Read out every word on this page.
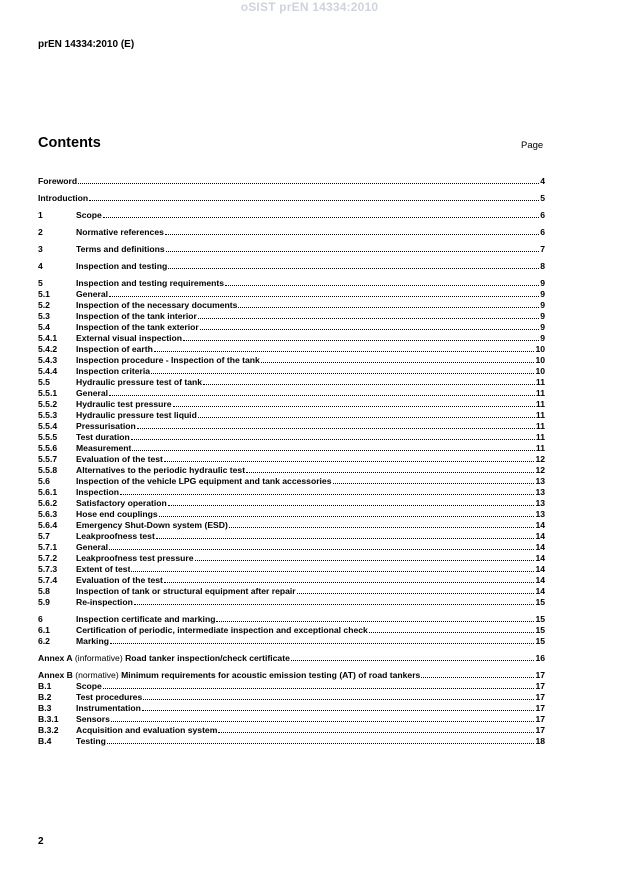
oSIST prEN 14334:2010
prEN 14334:2010 (E)
Contents	Page
Foreword	4
Introduction	5
1	Scope	6
2	Normative references	6
3	Terms and definitions	7
4	Inspection and testing	8
5	Inspection and testing requirements	9
5.1	General	9
5.2	Inspection of the necessary documents	9
5.3	Inspection of the tank interior	9
5.4	Inspection of the tank exterior	9
5.4.1	External visual inspection	9
5.4.2	Inspection of earth	10
5.4.3	Inspection procedure - Inspection of the tank	10
5.4.4	Inspection criteria	10
5.5	Hydraulic pressure test of tank	11
5.5.1	General	11
5.5.2	Hydraulic test pressure	11
5.5.3	Hydraulic pressure test liquid	11
5.5.4	Pressurisation	11
5.5.5	Test duration	11
5.5.6	Measurement	11
5.5.7	Evaluation of the test	12
5.5.8	Alternatives to the periodic hydraulic test	12
5.6	Inspection of the vehicle LPG equipment and tank accessories	13
5.6.1	Inspection	13
5.6.2	Satisfactory operation	13
5.6.3	Hose end couplings	13
5.6.4	Emergency Shut-Down system (ESD)	14
5.7	Leakproofness test	14
5.7.1	General	14
5.7.2	Leakproofness test pressure	14
5.7.3	Extent of test	14
5.7.4	Evaluation of the test	14
5.8	Inspection of tank or structural equipment after repair	14
5.9	Re-inspection	15
6	Inspection certificate and marking	15
6.1	Certification of periodic, intermediate inspection and exceptional check	15
6.2	Marking	15
Annex A (informative) Road tanker inspection/check certificate	16
Annex B (normative) Minimum requirements for acoustic emission testing (AT) of road tankers	17
B.1	Scope	17
B.2	Test procedures	17
B.3	Instrumentation	17
B.3.1	Sensors	17
B.3.2	Acquisition and evaluation system	17
B.4	Testing	18
2
